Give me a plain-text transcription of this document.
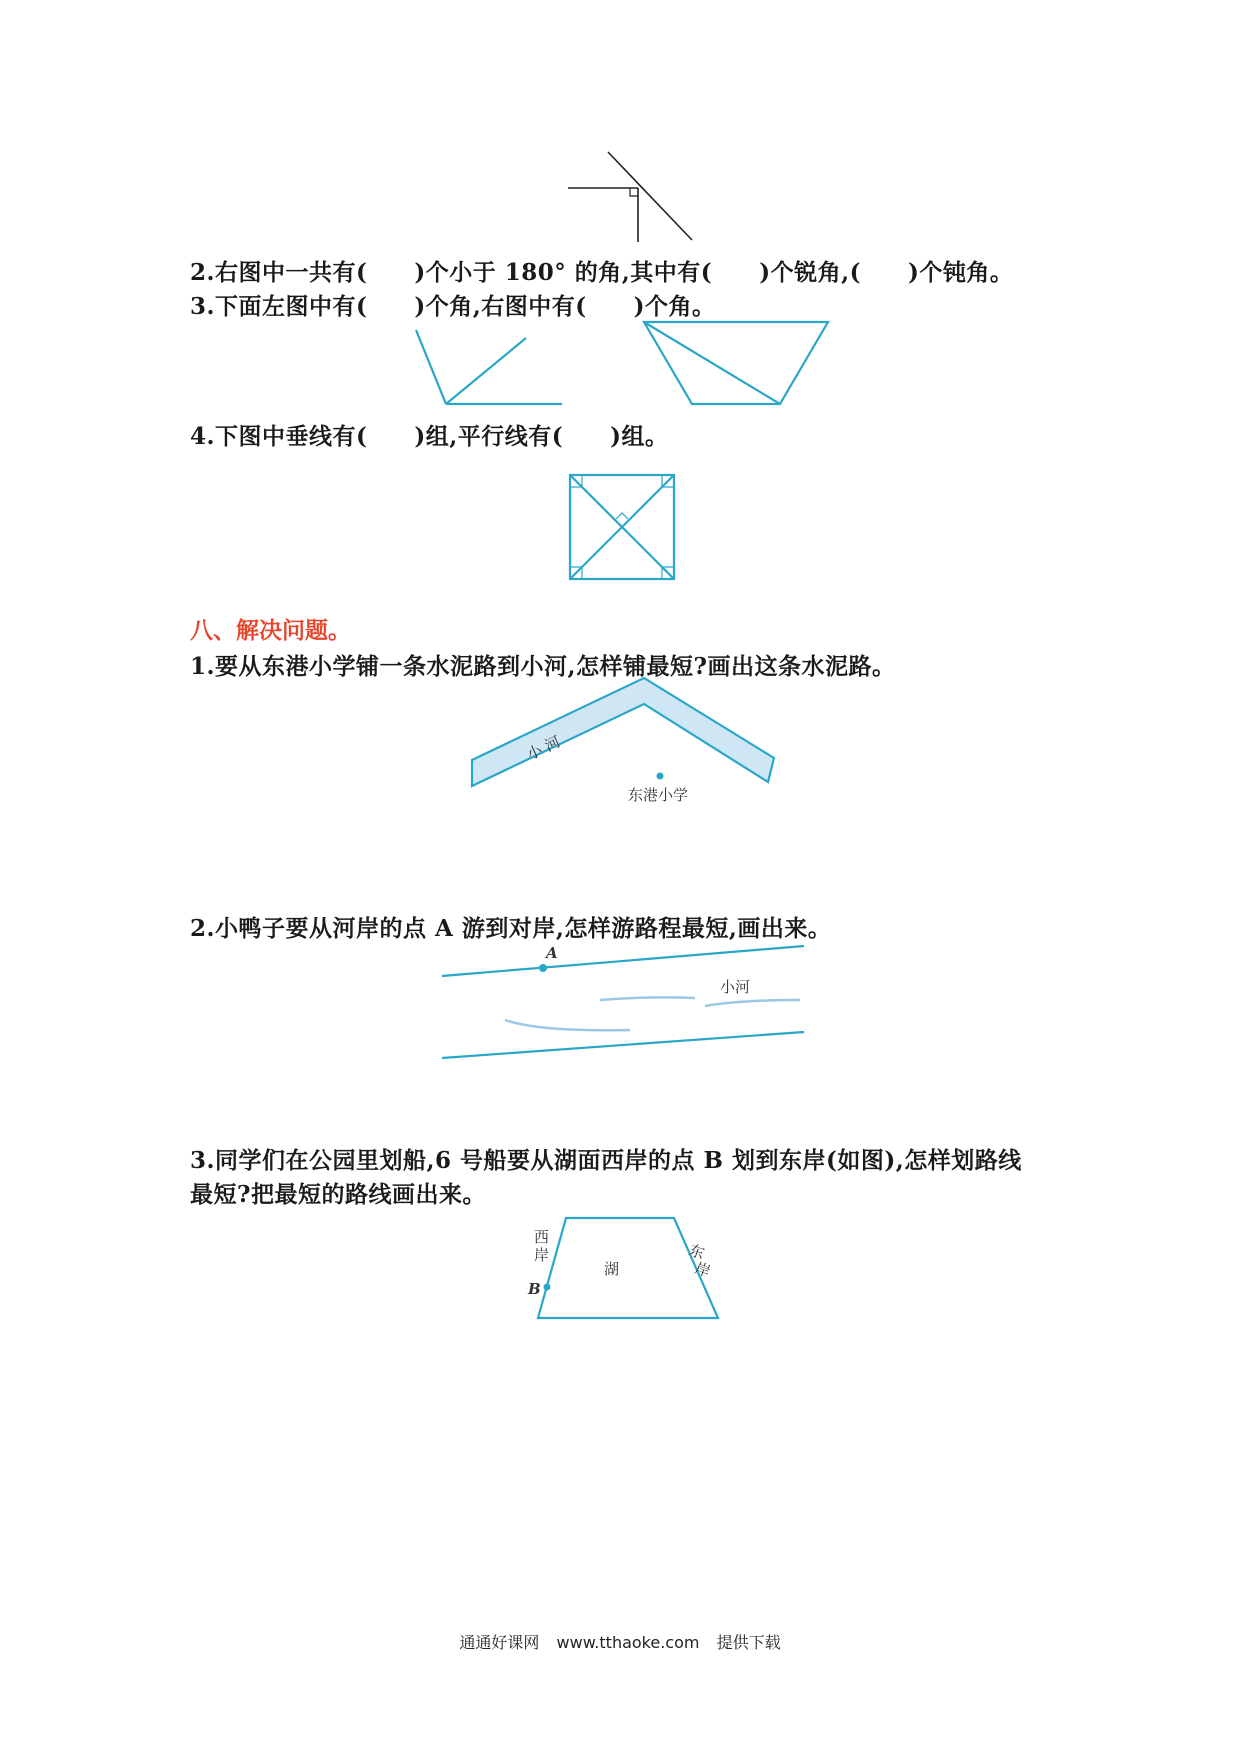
2.右图中一共有(　　)个小于 180° 的角,其中有(　　)个锐角,(　　)个钝角。
3.下面左图中有(　　)个角,右图中有(　　)个角。
4.下图中垂线有(　　)组,平行线有(　　)组。
八、解决问题。
1.要从东港小学铺一条水泥路到小河,怎样铺最短?画出这条水泥路。
小 河
东港小学
2.小鸭子要从河岸的点 A 游到对岸,怎样游路程最短,画出来。
A
小河
3.同学们在公园里划船,6 号船要从湖面西岸的点 B 划到东岸(如图),怎样划路线
最短?把最短的路线画出来。
西
岸	东
岸
湖
B
通通好课网 www.tthaoke.com 提供下载
